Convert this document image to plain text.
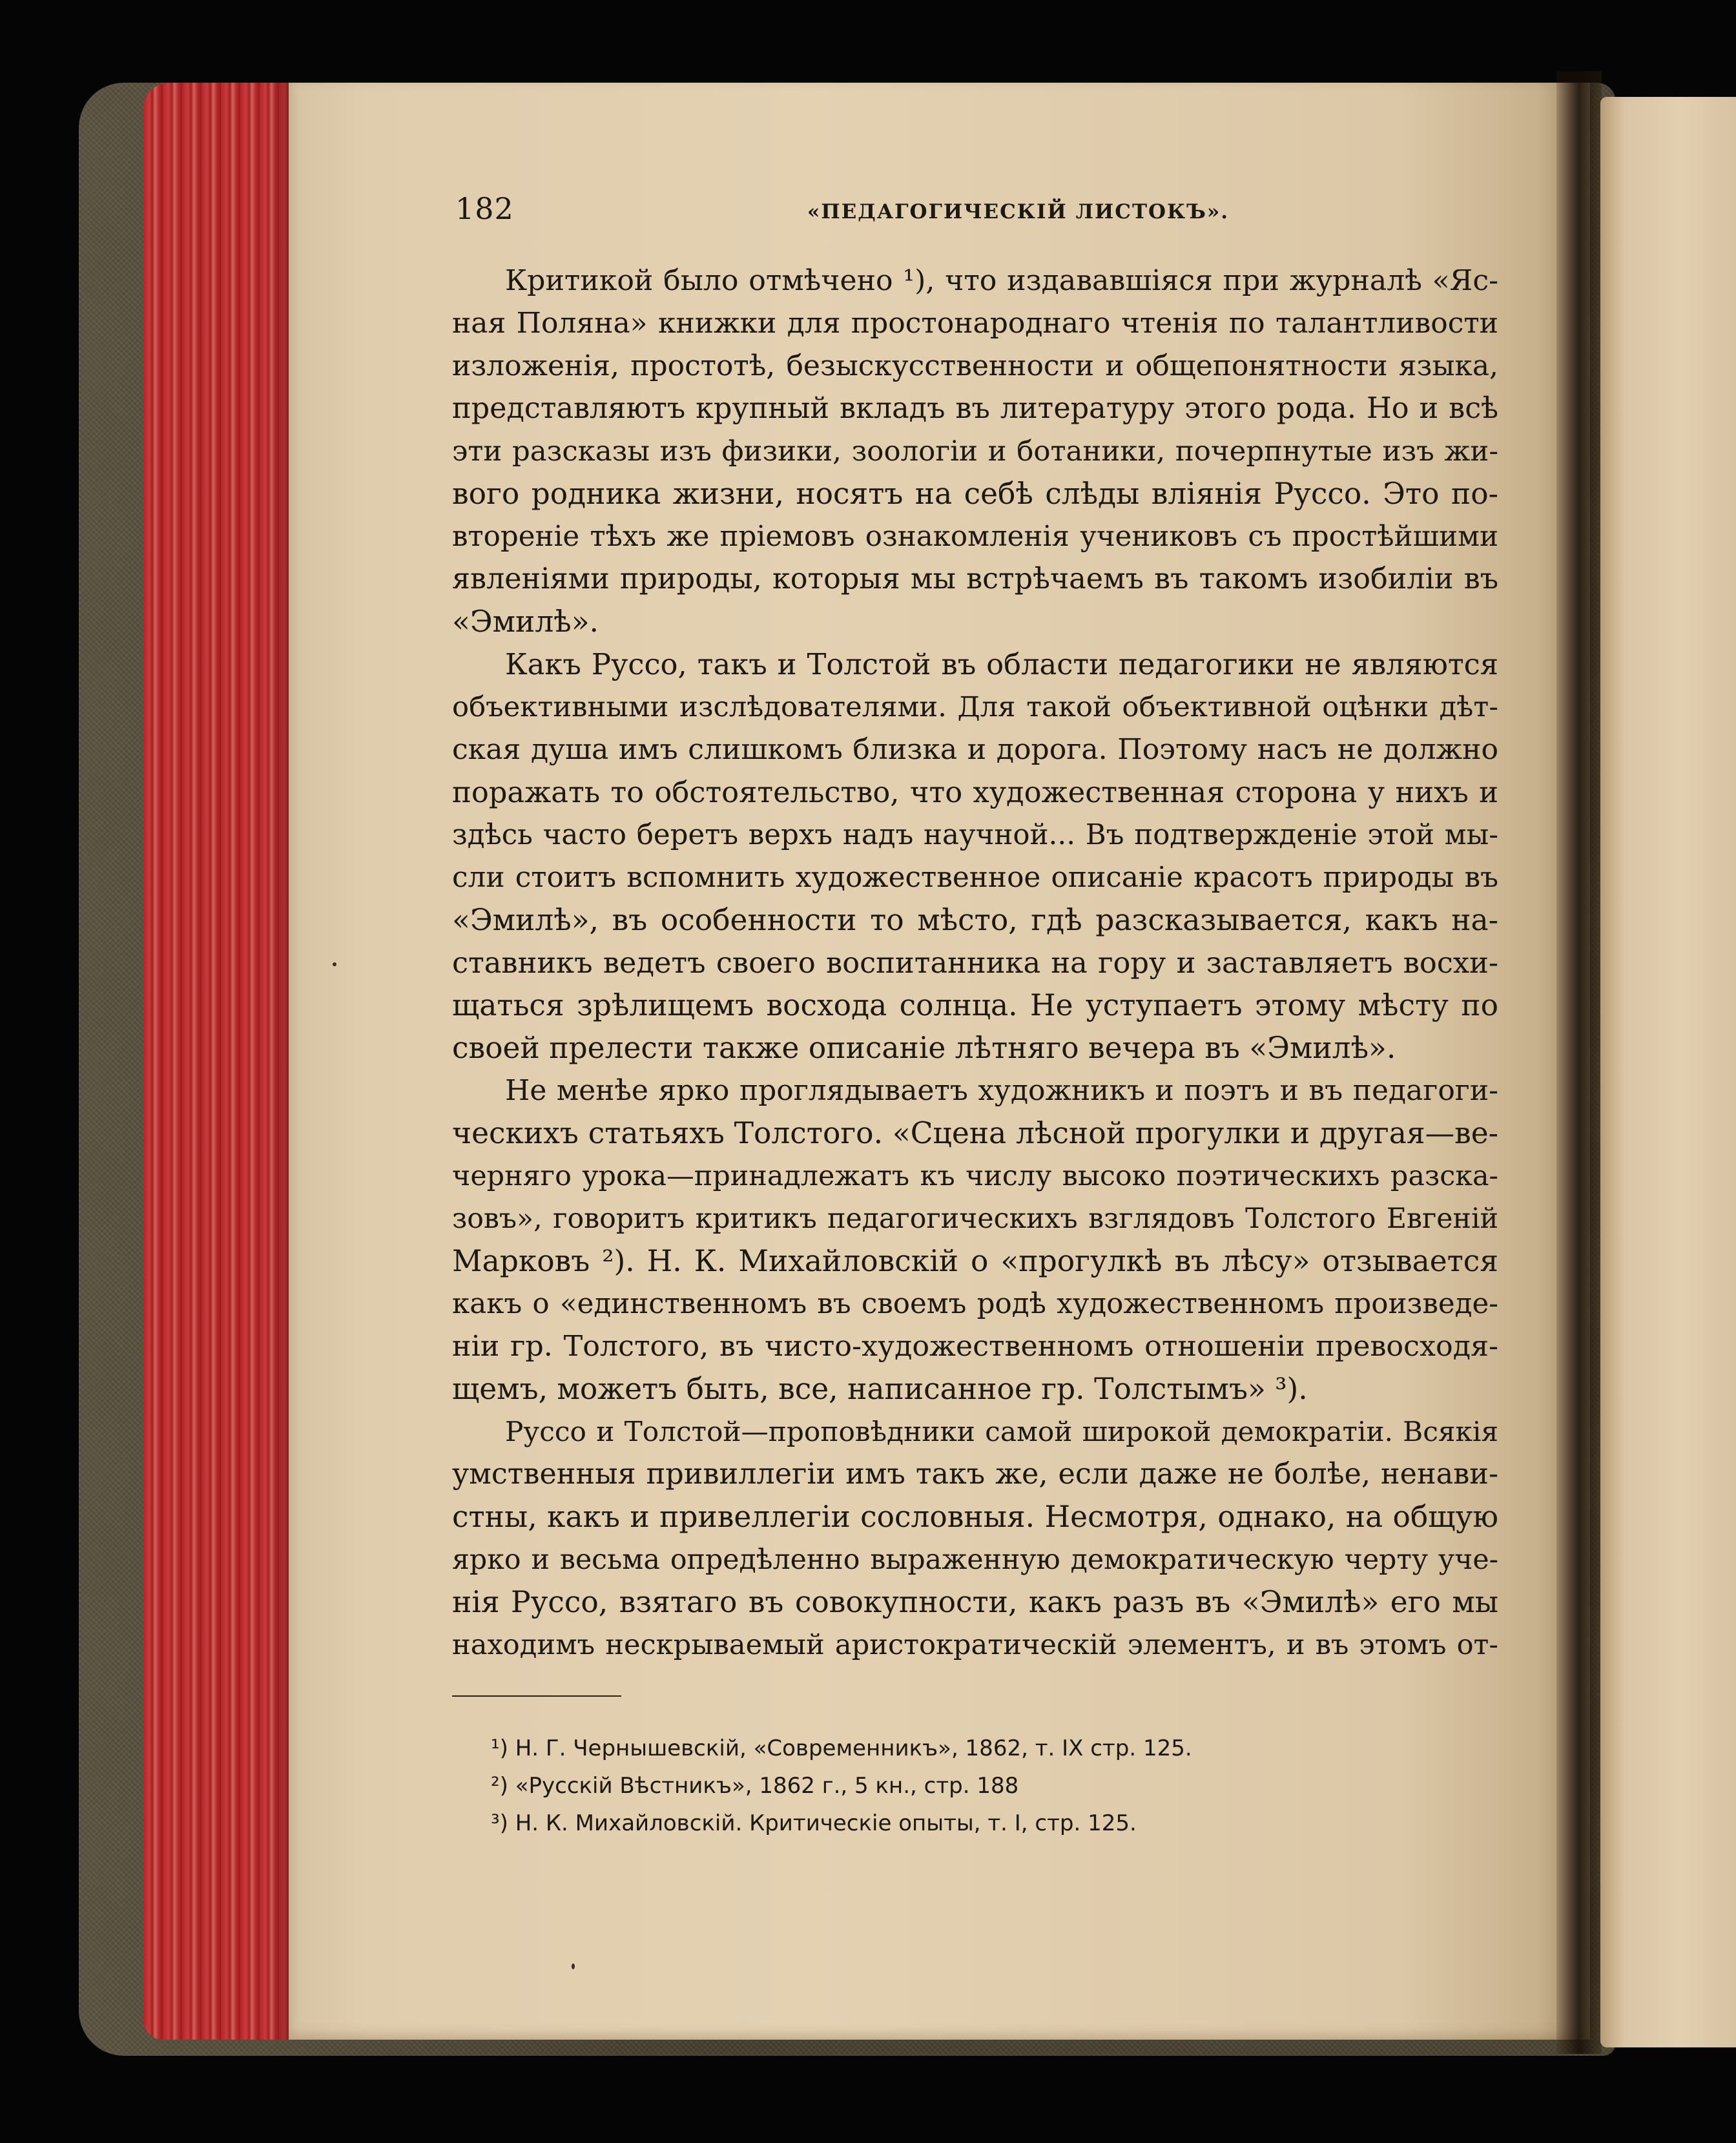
182	«ПЕДАГОГИЧЕСКІЙ ЛИСТОКЪ».
Критикой было отмѣчено ¹), что издававшіяся при журналѣ «Яс-
ная Поляна» книжки для простонароднаго чтенія по талантливости
изложенія, простотѣ, безыскусственности и общепонятности языка,
представляютъ крупный вкладъ въ литературу этого рода. Но и всѣ
эти разсказы изъ физики, зоологіи и ботаники, почерпнутые изъ жи-
вого родника жизни, носятъ на себѣ слѣды вліянія Руссо. Это по-
втореніе тѣхъ же пріемовъ ознакомленія учениковъ съ простѣйшими
явленіями природы, которыя мы встрѣчаемъ въ такомъ изобиліи въ
«Эмилѣ».
Какъ Руссо, такъ и Толстой въ области педагогики не являются
объективными изслѣдователями. Для такой объективной оцѣнки дѣт-
ская душа имъ слишкомъ близка и дорога. Поэтому насъ не должно
поражать то обстоятельство, что художественная сторона у нихъ и
здѣсь часто беретъ верхъ надъ научной... Въ подтвержденіе этой мы-
сли стоитъ вспомнить художественное описаніе красотъ природы въ
«Эмилѣ», въ особенности то мѣсто, гдѣ разсказывается, какъ на-
ставникъ ведетъ своего воспитанника на гору и заставляетъ восхи-
щаться зрѣлищемъ восхода солнца. Не уступаетъ этому мѣсту по
своей прелести также описаніе лѣтняго вечера въ «Эмилѣ».
Не менѣе ярко проглядываетъ художникъ и поэтъ и въ педагоги-
ческихъ статьяхъ Толстого. «Сцена лѣсной прогулки и другая—ве-
черняго урока—принадлежатъ къ числу высоко поэтическихъ разска-
зовъ», говоритъ критикъ педагогическихъ взглядовъ Толстого Евгеній
Марковъ ²). Н. К. Михайловскій о «прогулкѣ въ лѣсу» отзывается
какъ о «единственномъ въ своемъ родѣ художественномъ произведе-
ніи гр. Толстого, въ чисто-художественномъ отношеніи превосходя-
щемъ, можетъ быть, все, написанное гр. Толстымъ» ³).
Руссо и Толстой—проповѣдники самой широкой демократіи. Всякія
умственныя привиллегіи имъ такъ же, если даже не болѣе, ненави-
стны, какъ и привеллегіи сословныя. Несмотря, однако, на общую
ярко и весьма опредѣленно выраженную демократическую черту уче-
нія Руссо, взятаго въ совокупности, какъ разъ въ «Эмилѣ» его мы
находимъ нескрываемый аристократическій элементъ, и въ этомъ от-
¹) Н. Г. Чернышевскій, «Современникъ», 1862, т. IX стр. 125.
²) «Русскій Вѣстникъ», 1862 г., 5 кн., стр. 188
³) Н. К. Михайловскій. Критическіе опыты, т. I, стр. 125.
